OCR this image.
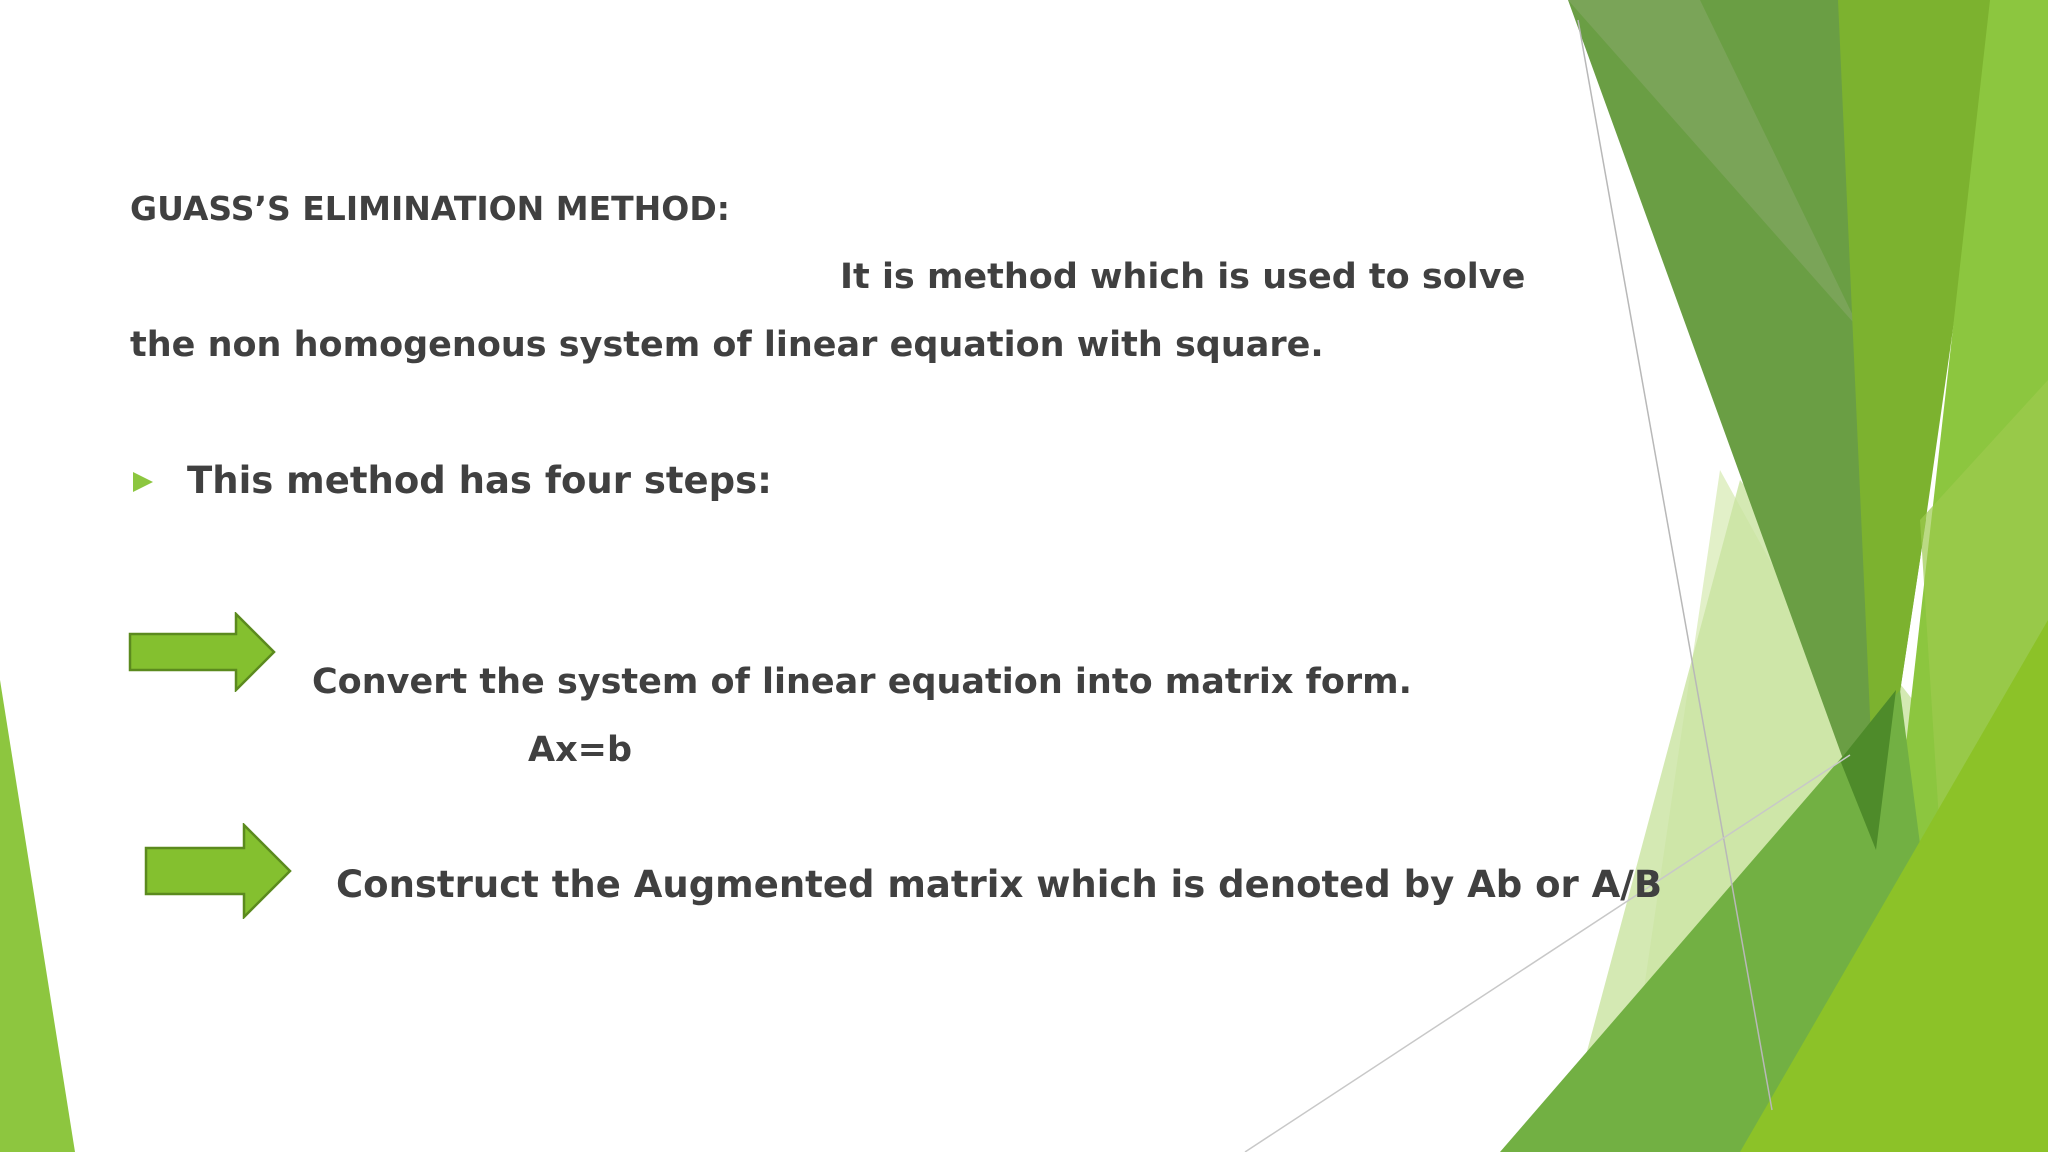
GUASS’S ELIMINATION METHOD:
It is method which is used to solve
the non homogenous system of linear equation with square.
This method has four steps:
Convert the system of linear equation into matrix form.
Ax=b
Construct the Augmented matrix which is denoted by Ab or A/B
